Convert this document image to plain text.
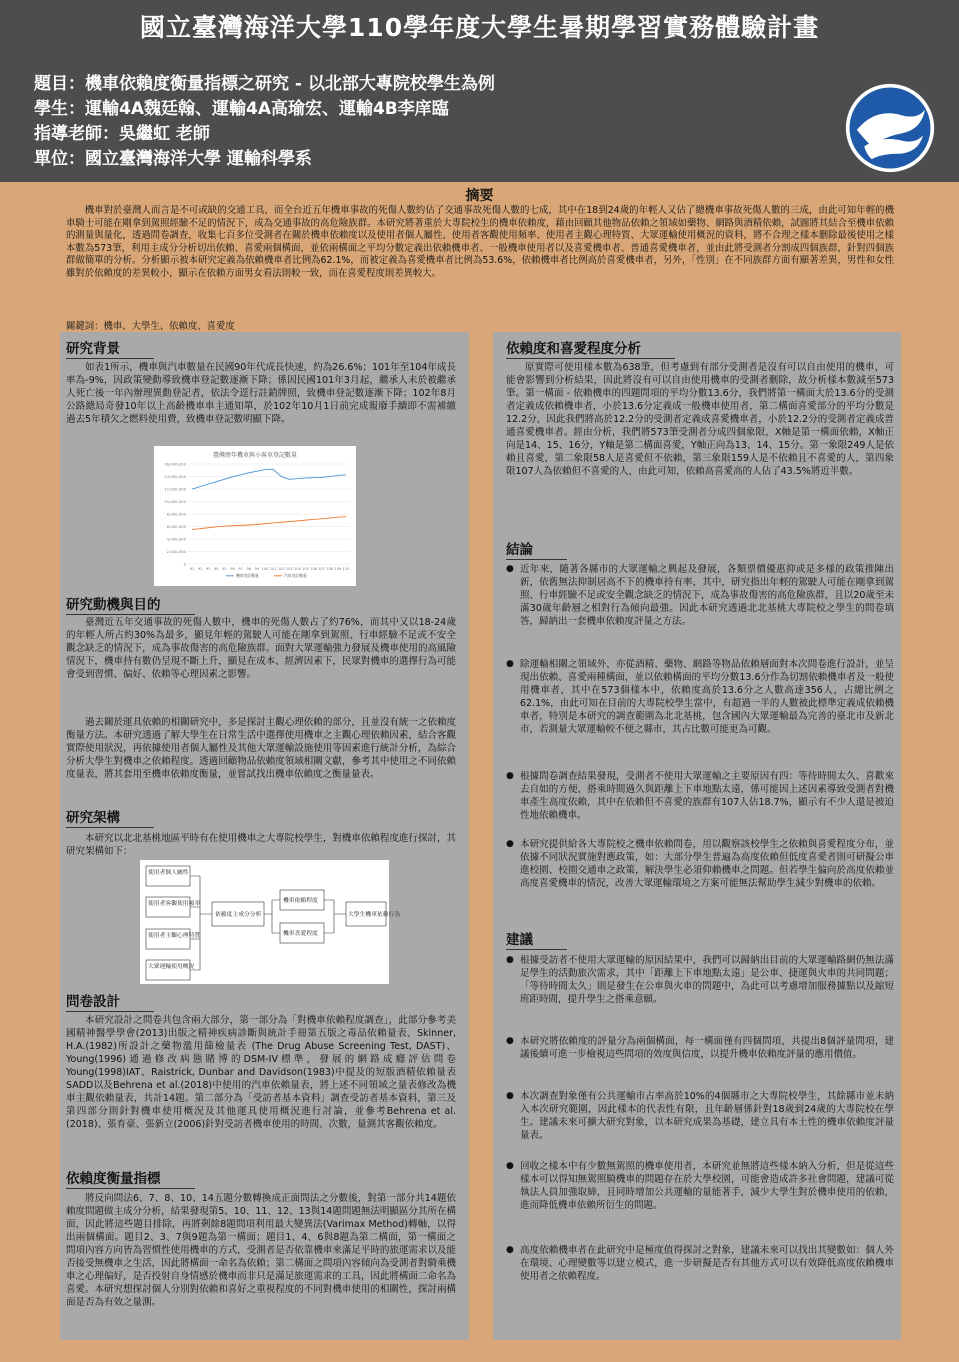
國立臺灣海洋大學110學年度大學生暑期學習實務體驗計畫
題目：機車依賴度衡量指標之研究 - 以北部大專院校學生為例
學生：運輸4A魏廷翰、運輸4A高瑜宏、運輸4B李庠臨
指導老師：吳繼虹 老師
單位：國立臺灣海洋大學 運輸科學系
摘要
機車對於臺灣人而言是不可或缺的交通工具，而全台近五年機車事故的死傷人數約佔了交通事故死傷人數的七成，其中在18到24歲的年輕人又佔了總機車事故死傷人數的三成，由此可知年輕的機車騎士可能在剛拿到駕照經驗不足的情況下，成為交通事故的高危險族群。本研究將著重於大專院校生的機車依賴度，藉由回顧其他物品依賴之領域如藥物、網路與酒精依賴，試圖將其結合至機車依賴的測量與量化，透過問卷調查，收集七百多位受測者在關於機車依賴度以及使用者個人屬性、使用者客觀使用頻率、使用者主觀心理特質、大眾運輸使用概況的資料，將不合理之樣本刪除最後使用之樣本數為573筆，利用主成分分析切出依賴、喜愛兩個構面，並依兩構面之平均分數定義出依賴機車者、一般機車使用者以及喜愛機車者、普通喜愛機車者，並由此將受測者分割成四個族群，針對四個族群做簡單的分析。分析顯示被本研究定義為依賴機車者比例為62.1%，而被定義為喜愛機車者比例為53.6%，依賴機車者比例高於喜愛機車者，另外，「性別」在不同族群方面有顯著差異，男性和女性雖對於依賴度的差異較小，顯示在依賴方面男女看法則較一致，而在喜愛程度則差異較大。
關鍵詞：機車、大學生、依賴度、喜愛度
研究背景
如表1所示，機車與汽車數量在民國90年代成長快速，約為26.6%；101年至104年成長率為-9%，因政策變動導致機車登記數逐漸下降；係因民國101年3月起，繼承人未於被繼承人死亡後一年內辦理異動登記者，依法令逕行註銷牌照，致機車登記數逐漸下降；102年8月公路總局奇發10年以上高齡機車車主通知單，於102年10月1日前完成報廢手續即不需補繳過去5年積欠之燃料使用費，致機車登記數明顯下降。
臺灣歷年機車與小客車登記數量
0
2,000,000
4,000,000
6,000,000
8,000,000
10,000,000
12,000,000
14,000,000
16,000,000
91 92 93 94 95 96 97 98 99 100 101 102 103 104 105 106 107 108 109 110
機車登記數量	汽車登記數量
研究動機與目的
臺灣近五年交通事故的死傷人數中，機車的死傷人數占了約76%，而其中又以18-24歲的年輕人所占約30%為最多，顯見年輕的駕駛人可能在剛拿到駕照、行車經驗不足或不安全觀念缺乏的情況下，成為事故傷害的高危險族群。面對大眾運輸強力發展及機車使用的高風險情況下，機車持有數仍呈現不斷上升，顯見在成本、經濟因素下，民眾對機車的選擇行為可能會受到習慣、偏好、依賴等心理因素之影響。
過去關於運具依賴的相關研究中，多是探討主觀心理依賴的部分，且並沒有統一之依賴度衡量方法。本研究透過了解大學生在日常生活中選擇使用機車之主觀心理依賴因素，結合客觀實際使用狀況，再依據使用者個人屬性及其他大眾運輸設施使用等因素進行統計分析，為綜合分析大學生對機車之依賴程度。透過回顧物品依賴度領域相關文獻，參考其中使用之不同依賴度量表，將其套用至機車依賴度衡量，並嘗試找出機車依賴度之衡量量表。
研究架構
本研究以北北基桃地區平時有在使用機車之大專院校學生，對機車依賴程度進行探討，其研究架構如下：
使用者個人屬性
使用者客觀使用頻率
使用者主觀心理特質
大眾運輸使用概況
依賴度主成分分析
機車依賴程度
機車喜愛程度
大學生機車依賴行為
問卷設計
本研究設計之問卷共包含兩大部分，第一部分為「對機車依賴程度調查」，此部分參考美國精神醫學學會(2013)出版之精神疾病診斷與統計手冊第五版之毒品依賴量表、Skinner, H.A.(1982)所設計之藥物濫用篩檢量表 (The Drug Abuse Screening Test, DAST)、Young(1996)通過修改病態賭博的DSM-IV標準，發展的網路成癮評估問卷Young(1998)IAT、Raistrick, Dunbar and Davidson(1983)中提及的短版酒精依賴量表SADD以及Behrena et al.(2018)中使用的汽車依賴量表，將上述不同領域之量表修改為機車主觀依賴量表，共計14題。第二部分為「受訪者基本資料」調查受訪者基本資料，第三及第四部分則針對機車使用概況及其他運具使用概況進行討論，並參考Behrena et al.(2018)、張育豪、張新立(2006)針對受訪者機車使用的時間、次數，量測其客觀依賴度。
依賴度衡量指標
將反向問法6、7、8、10、14五題分數轉換成正面問法之分數後，對第一部分共14題依賴度問題做主成分分析，結果發現第5、10、11、12、13與14題問題無法明顯區分其所在構面，因此將這些題目排除，再將剩餘8題問項利用最大變異法(Varimax Method)轉軸，以得出兩個構面。題目2、3、7與9題為第一構面；題目1、4、6與8題為第二構面，第一構面之問項內容方向皆為習慣性使用機車的方式，受測者是否依靠機車來滿足平時的旅運需求以及能否接受無機車之生活，因此將構面一命名為依賴；第二構面之問項內容傾向為受測者對騎乘機車之心理偏好，是否投射自身情感於機車而非只是滿足旅運需求的工具，因此將構面二命名為喜愛。本研究想探討個人分別對依賴和喜好之重視程度的不同對機車使用的相關性，探討兩構面是否為有效之量測。
依賴度和喜愛程度分析
原實際可使用樣本數為638筆，但考慮到有部分受測者是沒有可以自由使用的機車，可能會影響到分析結果，因此將沒有可以自由使用機車的受測者刪除，故分析樣本數減至573筆。第一構面 - 依賴機車的四題問項的平均分數13.6分，我們將第一構面大於13.6分的受測者定義成依賴機車者，小於13.6分定義成一般機車使用者，第二構面喜愛部分的平均分數是12.2分，因此我們將高於12.2分的受測者定義成喜愛機車者，小於12.2分的受測者定義成普通喜愛機車者。經由分析，我們將573筆受測者分成四個象限，X軸是第一構面依賴，X軸正向是14、15、16分，Y軸是第二構面喜愛，Y軸正向為13、14、15分。第一象限249人是依賴且喜愛，第二象限58人是喜愛但不依賴，第三象限159人是不依賴且不喜愛的人，第四象限107人為依賴但不喜愛的人，由此可知，依賴高喜愛高的人佔了43.5%將近半數。
結論
● 近年來，隨著各縣市的大眾運輸之興起及發展，各類票價優惠抑或是多樣的政策推陳出新，依舊無法抑制居高不下的機車持有率，其中，研究指出年輕的駕駛人可能在剛拿到駕照、行車經驗不足或安全觀念缺乏的情況下，成為事故傷害的高危險族群，且以20歲至未滿30歲年齡層之相對行為傾向最強。因此本研究透過北北基桃大專院校之學生的問卷填答，歸納出一套機車依賴度評量之方法。
● 除運輸相關之領域外，亦從酒精、藥物、網路等物品依賴層面對本次問卷進行設計，並呈現出依賴、喜愛兩種構面，並以依賴構面的平均分數13.6分作為切割依賴機車者及一般使用機車者，其中在573個樣本中，依賴度高於13.6分之人數高達356人，占總比例之62.1%，由此可知在目前的大專院校學生當中，有超過一半的人數被此標準定義成依賴機車者，特別是本研究的調查範圍為北北基桃，包含國內大眾運輸最為完善的臺北市及新北市，若測量大眾運輸較不便之縣市，其占比數可能更為可觀。
● 根據問卷調查結果發現，受測者不使用大眾運輸之主要原因有四：等待時間太久、喜歡來去自如的方便、搭乘時間過久與距離上下車地點太遠，係可能因上述因素導致受測者對機車產生高度依賴，其中在依賴但不喜愛的族群有107人佔18.7%，顯示有不少人還是被迫性地依賴機車。
● 本研究提供給各大專院校之機車依賴問卷，用以觀察該校學生之依賴與喜愛程度分布，並依據不同狀況實施對應政策，如：大部分學生普遍為高度依賴但低度喜愛者則可研擬公車進校園、校園交通車之政策，解決學生必須仰賴機車之問題。但若學生偏向於高度依賴並高度喜愛機車的情況，改善大眾運輸環境之方案可能無法幫助學生減少對機車的依賴。
建議
● 根據受訪者不使用大眾運輸的原因結果中，我們可以歸納出目前的大眾運輸路網仍無法滿足學生的活動旅次需求，其中「距離上下車地點太遠」是公車、捷運與火車的共同問題；「等待時間太久」則是發生在公車與火車的問題中，為此可以考慮增加服務據點以及縮短班距時間，提升學生之搭乘意願。
● 本研究將依賴度的評量分為兩個構面，每一構面僅有四個問項，共提出8個評量問項，建議後續可進一步檢視這些問項的效度與信度，以提升機車依賴度評量的應用價值。
● 本次調查對象僅有公共運輸市占率高於10%的4個縣市之大專院校學生，其餘縣市並未納入本次研究範圍，因此樣本的代表性有限，且年齡層係針對18歲到24歲的大專院校在學生。建議未來可擴大研究對象，以本研究成果為基礎，建立具有本土性的機車依賴度評量量表。
● 回收之樣本中有少數無駕照的機車使用者，本研究並無將這些樣本納入分析，但是從這些樣本可以得知無駕照騎機車的問題存在於大學校園，可能會造成許多社會問題，建議可從執法人員加強取締，且同時增加公共運輸的量能著手，減少大學生對於機車使用的依賴，進而降低機車依賴所衍生的問題。
● 高度依賴機車者在此研究中是極度值得探討之對象，建議未來可以找出其變數如：個人外在環境、心理變數等以建立模式，進一步研擬是否有其他方式可以有效降低高度依賴機車使用者之依賴程度。
